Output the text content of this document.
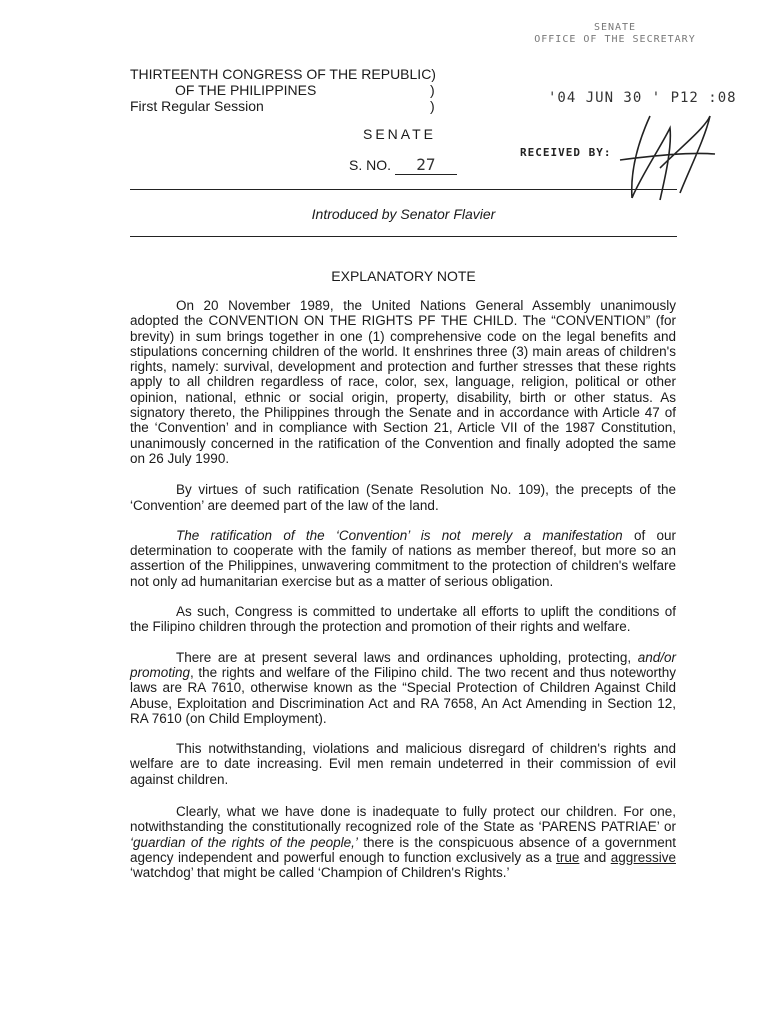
SENATE
OFFICE OF THE SECRETARY
'04 JUN 30 ' P12 :08
RECEIVED BY:
THIRTEENTH CONGRESS OF THE REPUBLIC)
OF THE PHILIPPINES	)
First Regular Session	)
SENATE
S. NO. 27
Introduced by Senator Flavier
EXPLANATORY NOTE

On 20 November 1989, the United Nations General Assembly unanimously adopted the CONVENTION ON THE RIGHTS PF THE CHILD. The “CONVENTION” (for brevity) in sum brings together in one (1) comprehensive code on the legal benefits and stipulations concerning children of the world. It enshrines three (3) main areas of children's rights, namely: survival, development and protection and further stresses that these rights apply to all children regardless of race, color, sex, language, religion, political or other opinion, national, ethnic or social origin, property, disability, birth or other status. As signatory thereto, the Philippines through the Senate and in accordance with Article 47 of the ‘Convention’ and in compliance with Section 21, Article VII of the 1987 Constitution, unanimously concerned in the ratification of the Convention and finally adopted the same on 26 July 1990.

By virtues of such ratification (Senate Resolution No. 109), the precepts of the ‘Convention’ are deemed part of the law of the land.

The ratification of the ‘Convention’ is not merely a manifestation of our determination to cooperate with the family of nations as member thereof, but more so an assertion of the Philippines, unwavering commitment to the protection of children's welfare not only ad humanitarian exercise but as a matter of serious obligation.

As such, Congress is committed to undertake all efforts to uplift the conditions of the Filipino children through the protection and promotion of their rights and welfare.

There are at present several laws and ordinances upholding, protecting, and/or promoting, the rights and welfare of the Filipino child. The two recent and thus noteworthy laws are RA 7610, otherwise known as the “Special Protection of Children Against Child Abuse, Exploitation and Discrimination Act and RA 7658, An Act Amending in Section 12, RA 7610 (on Child Employment).

This notwithstanding, violations and malicious disregard of children's rights and welfare are to date increasing. Evil men remain undeterred in their commission of evil against children.

Clearly, what we have done is inadequate to fully protect our children. For one, notwithstanding the constitutionally recognized role of the State as ‘PARENS PATRIAE’ or ‘guardian of the rights of the people,’ there is the conspicuous absence of a government agency independent and powerful enough to function exclusively as a true and aggressive ‘watchdog’ that might be called ‘Champion of Children's Rights.’
